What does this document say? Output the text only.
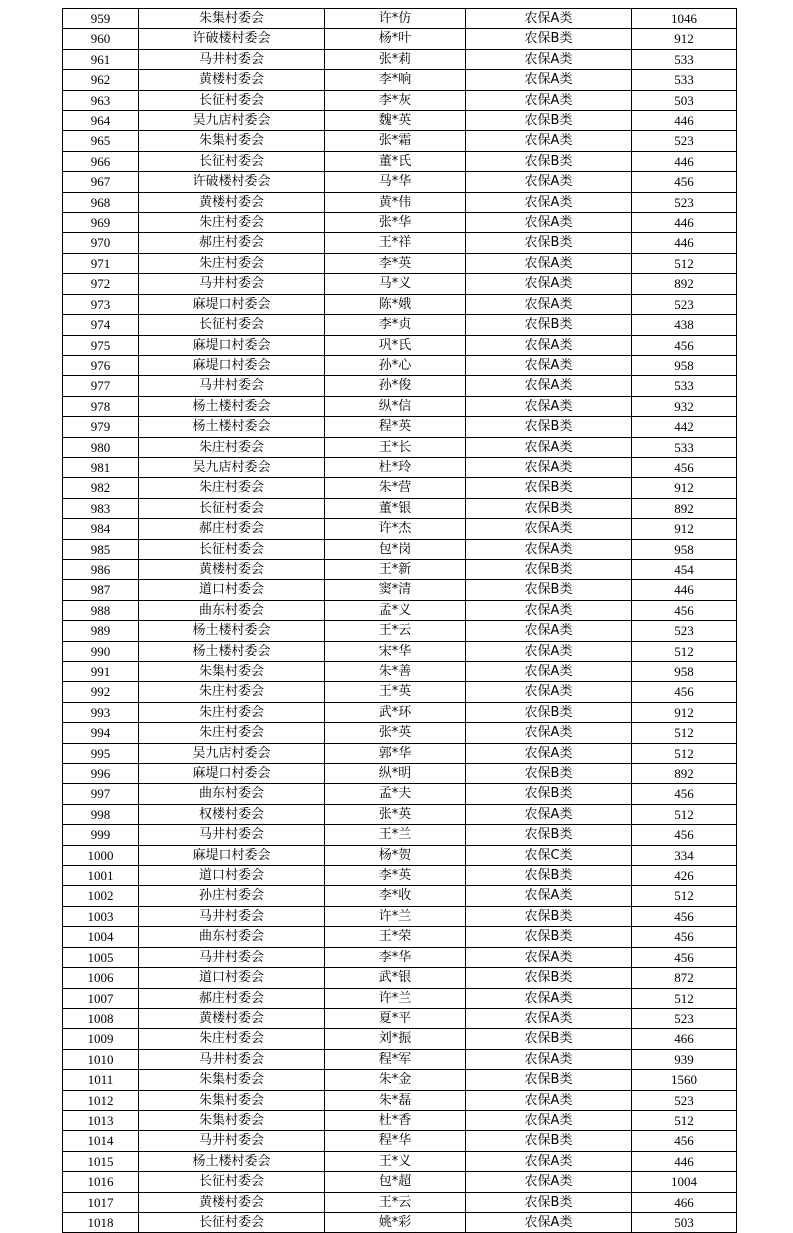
959	朱集村委会	许*仿	农保A类	1046
960	许破楼村委会	杨*叶	农保B类	912
961	马井村委会	张*莉	农保A类	533
962	黄楼村委会	李*响	农保A类	533
963	长征村委会	李*灰	农保A类	503
964	吴九店村委会	魏*英	农保B类	446
965	朱集村委会	张*霜	农保A类	523
966	长征村委会	董*氏	农保B类	446
967	许破楼村委会	马*华	农保A类	456
968	黄楼村委会	黄*伟	农保A类	523
969	朱庄村委会	张*华	农保A类	446
970	郝庄村委会	王*祥	农保B类	446
971	朱庄村委会	李*英	农保A类	512
972	马井村委会	马*义	农保A类	892
973	麻堤口村委会	陈*娥	农保A类	523
974	长征村委会	李*贞	农保B类	438
975	麻堤口村委会	巩*氏	农保A类	456
976	麻堤口村委会	孙*心	农保A类	958
977	马井村委会	孙*俊	农保A类	533
978	杨土楼村委会	纵*信	农保A类	932
979	杨土楼村委会	程*英	农保B类	442
980	朱庄村委会	王*长	农保A类	533
981	吴九店村委会	杜*玲	农保A类	456
982	朱庄村委会	朱*营	农保B类	912
983	长征村委会	董*银	农保B类	892
984	郝庄村委会	许*杰	农保A类	912
985	长征村委会	包*岗	农保A类	958
986	黄楼村委会	王*新	农保B类	454
987	道口村委会	窦*清	农保B类	446
988	曲东村委会	孟*义	农保A类	456
989	杨土楼村委会	王*云	农保A类	523
990	杨土楼村委会	宋*华	农保A类	512
991	朱集村委会	朱*善	农保A类	958
992	朱庄村委会	王*英	农保A类	456
993	朱庄村委会	武*环	农保B类	912
994	朱庄村委会	张*英	农保A类	512
995	吴九店村委会	郭*华	农保A类	512
996	麻堤口村委会	纵*明	农保B类	892
997	曲东村委会	孟*夫	农保B类	456
998	权楼村委会	张*英	农保A类	512
999	马井村委会	王*兰	农保B类	456
1000	麻堤口村委会	杨*贺	农保C类	334
1001	道口村委会	李*英	农保B类	426
1002	孙庄村委会	李*收	农保A类	512
1003	马井村委会	许*兰	农保B类	456
1004	曲东村委会	王*荣	农保B类	456
1005	马井村委会	李*华	农保A类	456
1006	道口村委会	武*银	农保B类	872
1007	郝庄村委会	许*兰	农保A类	512
1008	黄楼村委会	夏*平	农保A类	523
1009	朱庄村委会	刘*振	农保B类	466
1010	马井村委会	程*军	农保A类	939
1011	朱集村委会	朱*金	农保B类	1560
1012	朱集村委会	朱*磊	农保A类	523
1013	朱集村委会	杜*香	农保A类	512
1014	马井村委会	程*华	农保B类	456
1015	杨土楼村委会	王*义	农保A类	446
1016	长征村委会	包*超	农保A类	1004
1017	黄楼村委会	王*云	农保B类	466
1018	长征村委会	姚*彩	农保A类	503
